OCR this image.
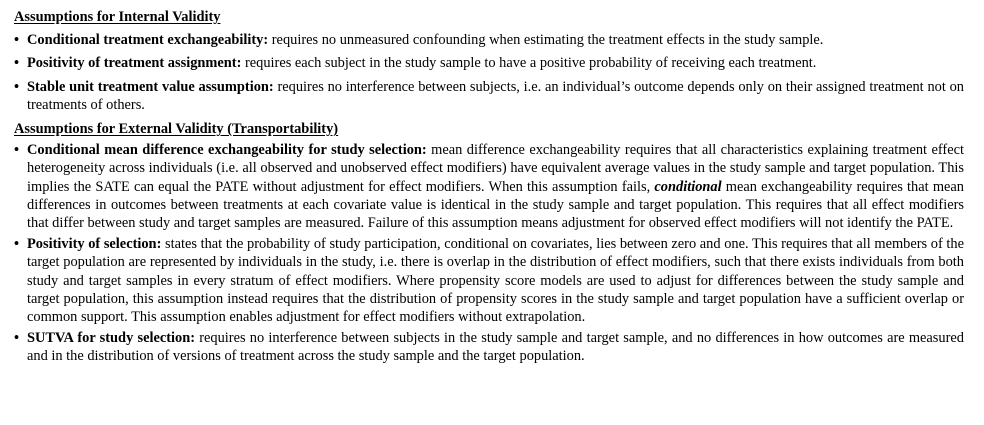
Assumptions for Internal Validity
• Conditional treatment exchangeability: requires no unmeasured confounding when estimating the treatment effects in the study sample.
• Positivity of treatment assignment: requires each subject in the study sample to have a positive probability of receiving each treatment.
• Stable unit treatment value assumption: requires no interference between subjects, i.e. an individual’s outcome depends only on their assigned treatment not on treatments of others.
Assumptions for External Validity (Transportability)
• Conditional mean difference exchangeability for study selection: mean difference exchangeability requires that all characteristics explaining treatment effect heterogeneity across individuals (i.e. all observed and unobserved effect modifiers) have equivalent average values in the study sample and target population. This implies the SATE can equal the PATE without adjustment for effect modifiers. When this assumption fails, conditional mean exchangeability requires that mean differences in outcomes between treatments at each covariate value is identical in the study sample and target population. This requires that all effect modifiers that differ between study and target samples are measured. Failure of this assumption means adjustment for observed effect modifiers will not identify the PATE.
• Positivity of selection: states that the probability of study participation, conditional on covariates, lies between zero and one. This requires that all members of the target population are represented by individuals in the study, i.e. there is overlap in the distribution of effect modifiers, such that there exists individuals from both study and target samples in every stratum of effect modifiers. Where propensity score models are used to adjust for differences between the study sample and target population, this assumption instead requires that the distribution of propensity scores in the study sample and target population have a sufficient overlap or common support. This assumption enables adjustment for effect modifiers without extrapolation.
• SUTVA for study selection: requires no interference between subjects in the study sample and target sample, and no differences in how outcomes are measured and in the distribution of versions of treatment across the study sample and the target population.
